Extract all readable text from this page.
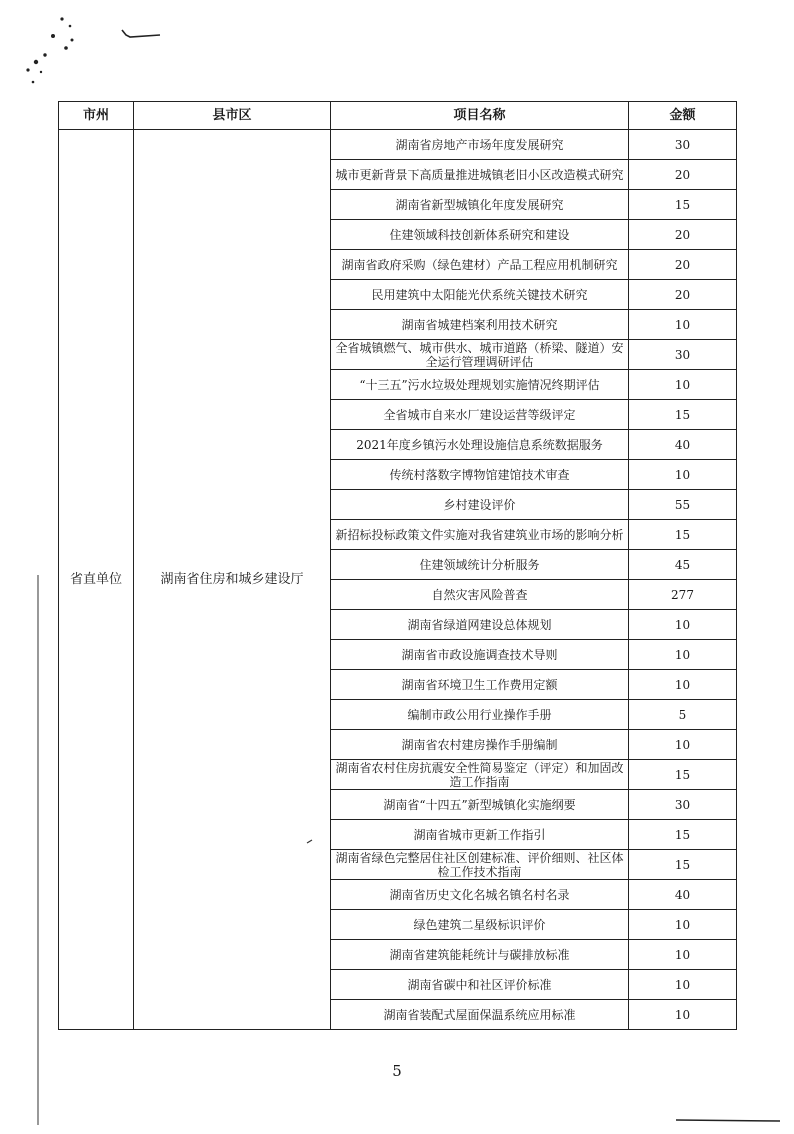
市州	县市区	项目名称	金额
省直单位	湖南省住房和城乡建设厅	湖南省房地产市场年度发展研究	30
		城市更新背景下高质量推进城镇老旧小区改造模式研究	20
		湖南省新型城镇化年度发展研究	15
		住建领域科技创新体系研究和建设	20
		湖南省政府采购（绿色建材）产品工程应用机制研究	20
		民用建筑中太阳能光伏系统关键技术研究	20
		湖南省城建档案利用技术研究	10
		全省城镇燃气、城市供水、城市道路（桥梁、隧道）安全运行管理调研评估	30
		“十三五”污水垃圾处理规划实施情况终期评估	10
		全省城市自来水厂建设运营等级评定	15
		2021年度乡镇污水处理设施信息系统数据服务	40
		传统村落数字博物馆建馆技术审查	10
		乡村建设评价	55
		新招标投标政策文件实施对我省建筑业市场的影响分析	15
		住建领域统计分析服务	45
		自然灾害风险普查	277
		湖南省绿道网建设总体规划	10
		湖南省市政设施调查技术导则	10
		湖南省环境卫生工作费用定额	10
		编制市政公用行业操作手册	5
		湖南省农村建房操作手册编制	10
		湖南省农村住房抗震安全性简易鉴定（评定）和加固改造工作指南	15
		湖南省“十四五”新型城镇化实施纲要	30
		湖南省城市更新工作指引	15
		湖南省绿色完整居住社区创建标准、评价细则、社区体检工作技术指南	15
		湖南省历史文化名城名镇名村名录	40
		绿色建筑二星级标识评价	10
		湖南省建筑能耗统计与碳排放标准	10
		湖南省碳中和社区评价标准	10
		湖南省装配式屋面保温系统应用标准	10
5
